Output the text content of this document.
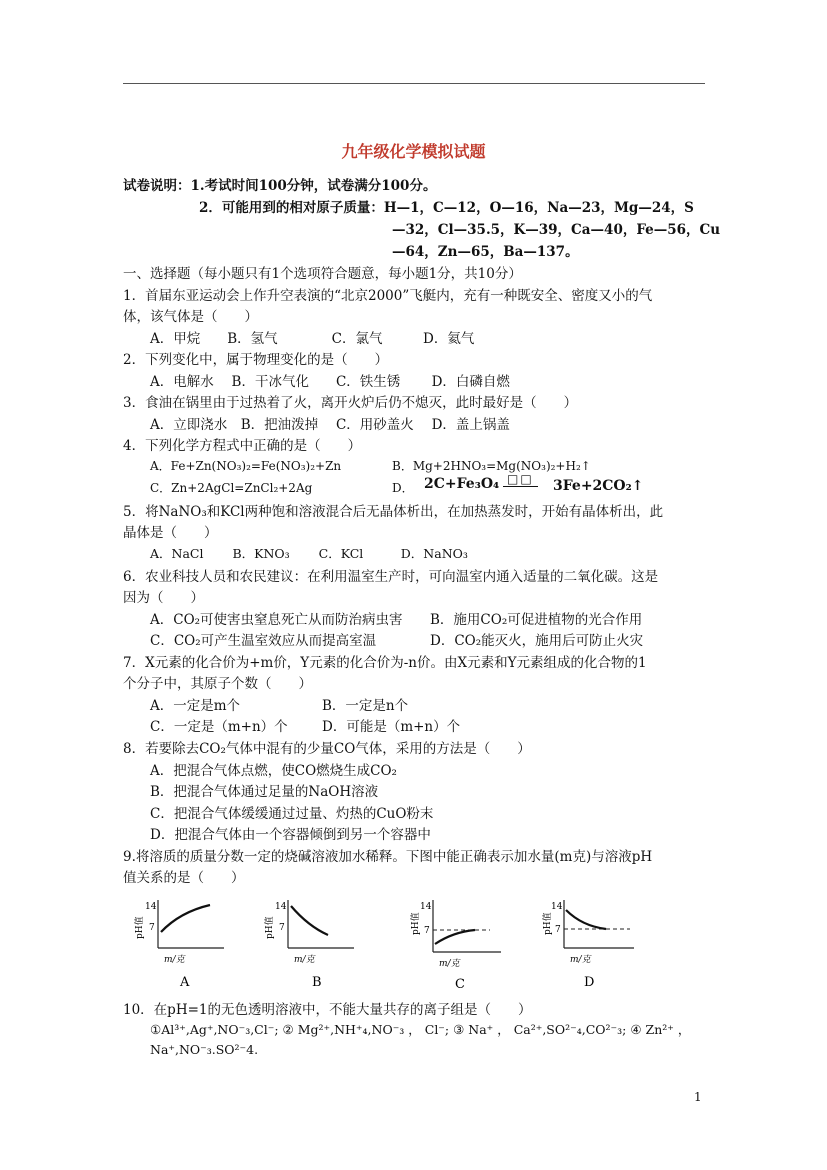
九年级化学模拟试题
试卷说明：1.考试时间100分钟，试卷满分100分。
2．可能用到的相对原子质量：H—1，C—12，O—16，Na—23，Mg—24，S
—32，Cl—35.5，K—39，Ca—40，Fe—56，Cu
—64，Zn—65，Ba—137。
一、选择题（每小题只有1个选项符合题意，每小题1分，共10分）
1．首届东亚运动会上作升空表演的“北京2000”飞艇内，充有一种既安全、密度又小的气
体，该气体是（　　）
A．甲烷　　B．氢气　　　　C．氯气　　　D．氦气
2．下列变化中，属于物理变化的是（　　）
A．电解水　 B．干冰气化　　C．铁生锈　　 D．白磷自燃
3．食油在锅里由于过热着了火，离开火炉后仍不熄灭，此时最好是（　　）
A．立即浇水　B．把油泼掉　 C．用砂盖火　 D．盖上锅盖
4．下列化学方程式中正确的是（　　）
A．Fe+Zn(NO₃)₂=Fe(NO₃)₂+Zn	B．Mg+2HNO₃=Mg(NO₃)₂+H₂↑
C．Zn+2AgCl=ZnCl₂+2Ag	D． 2C+Fe₃O₄ □□ 3Fe+2CO₂↑
5．将NaNO₃和KCl两种饱和溶液混合后无晶体析出，在加热蒸发时，开始有晶体析出，此
晶体是（　　）
A．NaCl　　 B．KNO₃　　 C．KCl　　　D．NaNO₃
6．农业科技人员和农民建议：在利用温室生产时，可向温室内通入适量的二氧化碳。这是
因为（　　）
A．CO₂可使害虫窒息死亡从而防治病虫害 B．施用CO₂可促进植物的光合作用
C．CO₂可产生温室效应从而提高室温	D．CO₂能灭火，施用后可防止火灾
7．X元素的化合价为+m价，Y元素的化合价为-n价。由X元素和Y元素组成的化合物的1
个分子中，其原子个数（　　）
A．一定是m个	B．一定是n个
C．一定是（m+n）个	D．可能是（m+n）个
8．若要除去CO₂气体中混有的少量CO气体，采用的方法是（　　）
A．把混合气体点燃，使CO燃烧生成CO₂
B．把混合气体通过足量的NaOH溶液
C．把混合气体缓缓通过过量、灼热的CuO粉末
D．把混合气体由一个容器倾倒到另一个容器中
9.将溶质的质量分数一定的烧碱溶液加水稀释。下图中能正确表示加水量(m克)与溶液pH
值关系的是（　　）
pH值
14
7
m/克
A
pH值
14
7
m/克
B
pH值
14
7
m/克
C
pH值
14
7
m/克
D
10．在pH=1的无色透明溶液中，不能大量共存的离子组是（　　）
①Al³⁺,Ag⁺,NO⁻₃,Cl⁻; ② Mg²⁺,NH⁺₄,NO⁻₃ ， Cl⁻; ③ Na⁺ ， Ca²⁺,SO²⁻₄,CO²⁻₃; ④ Zn²⁺ ，
Na⁺,NO⁻₃.SO²⁻4.
1
